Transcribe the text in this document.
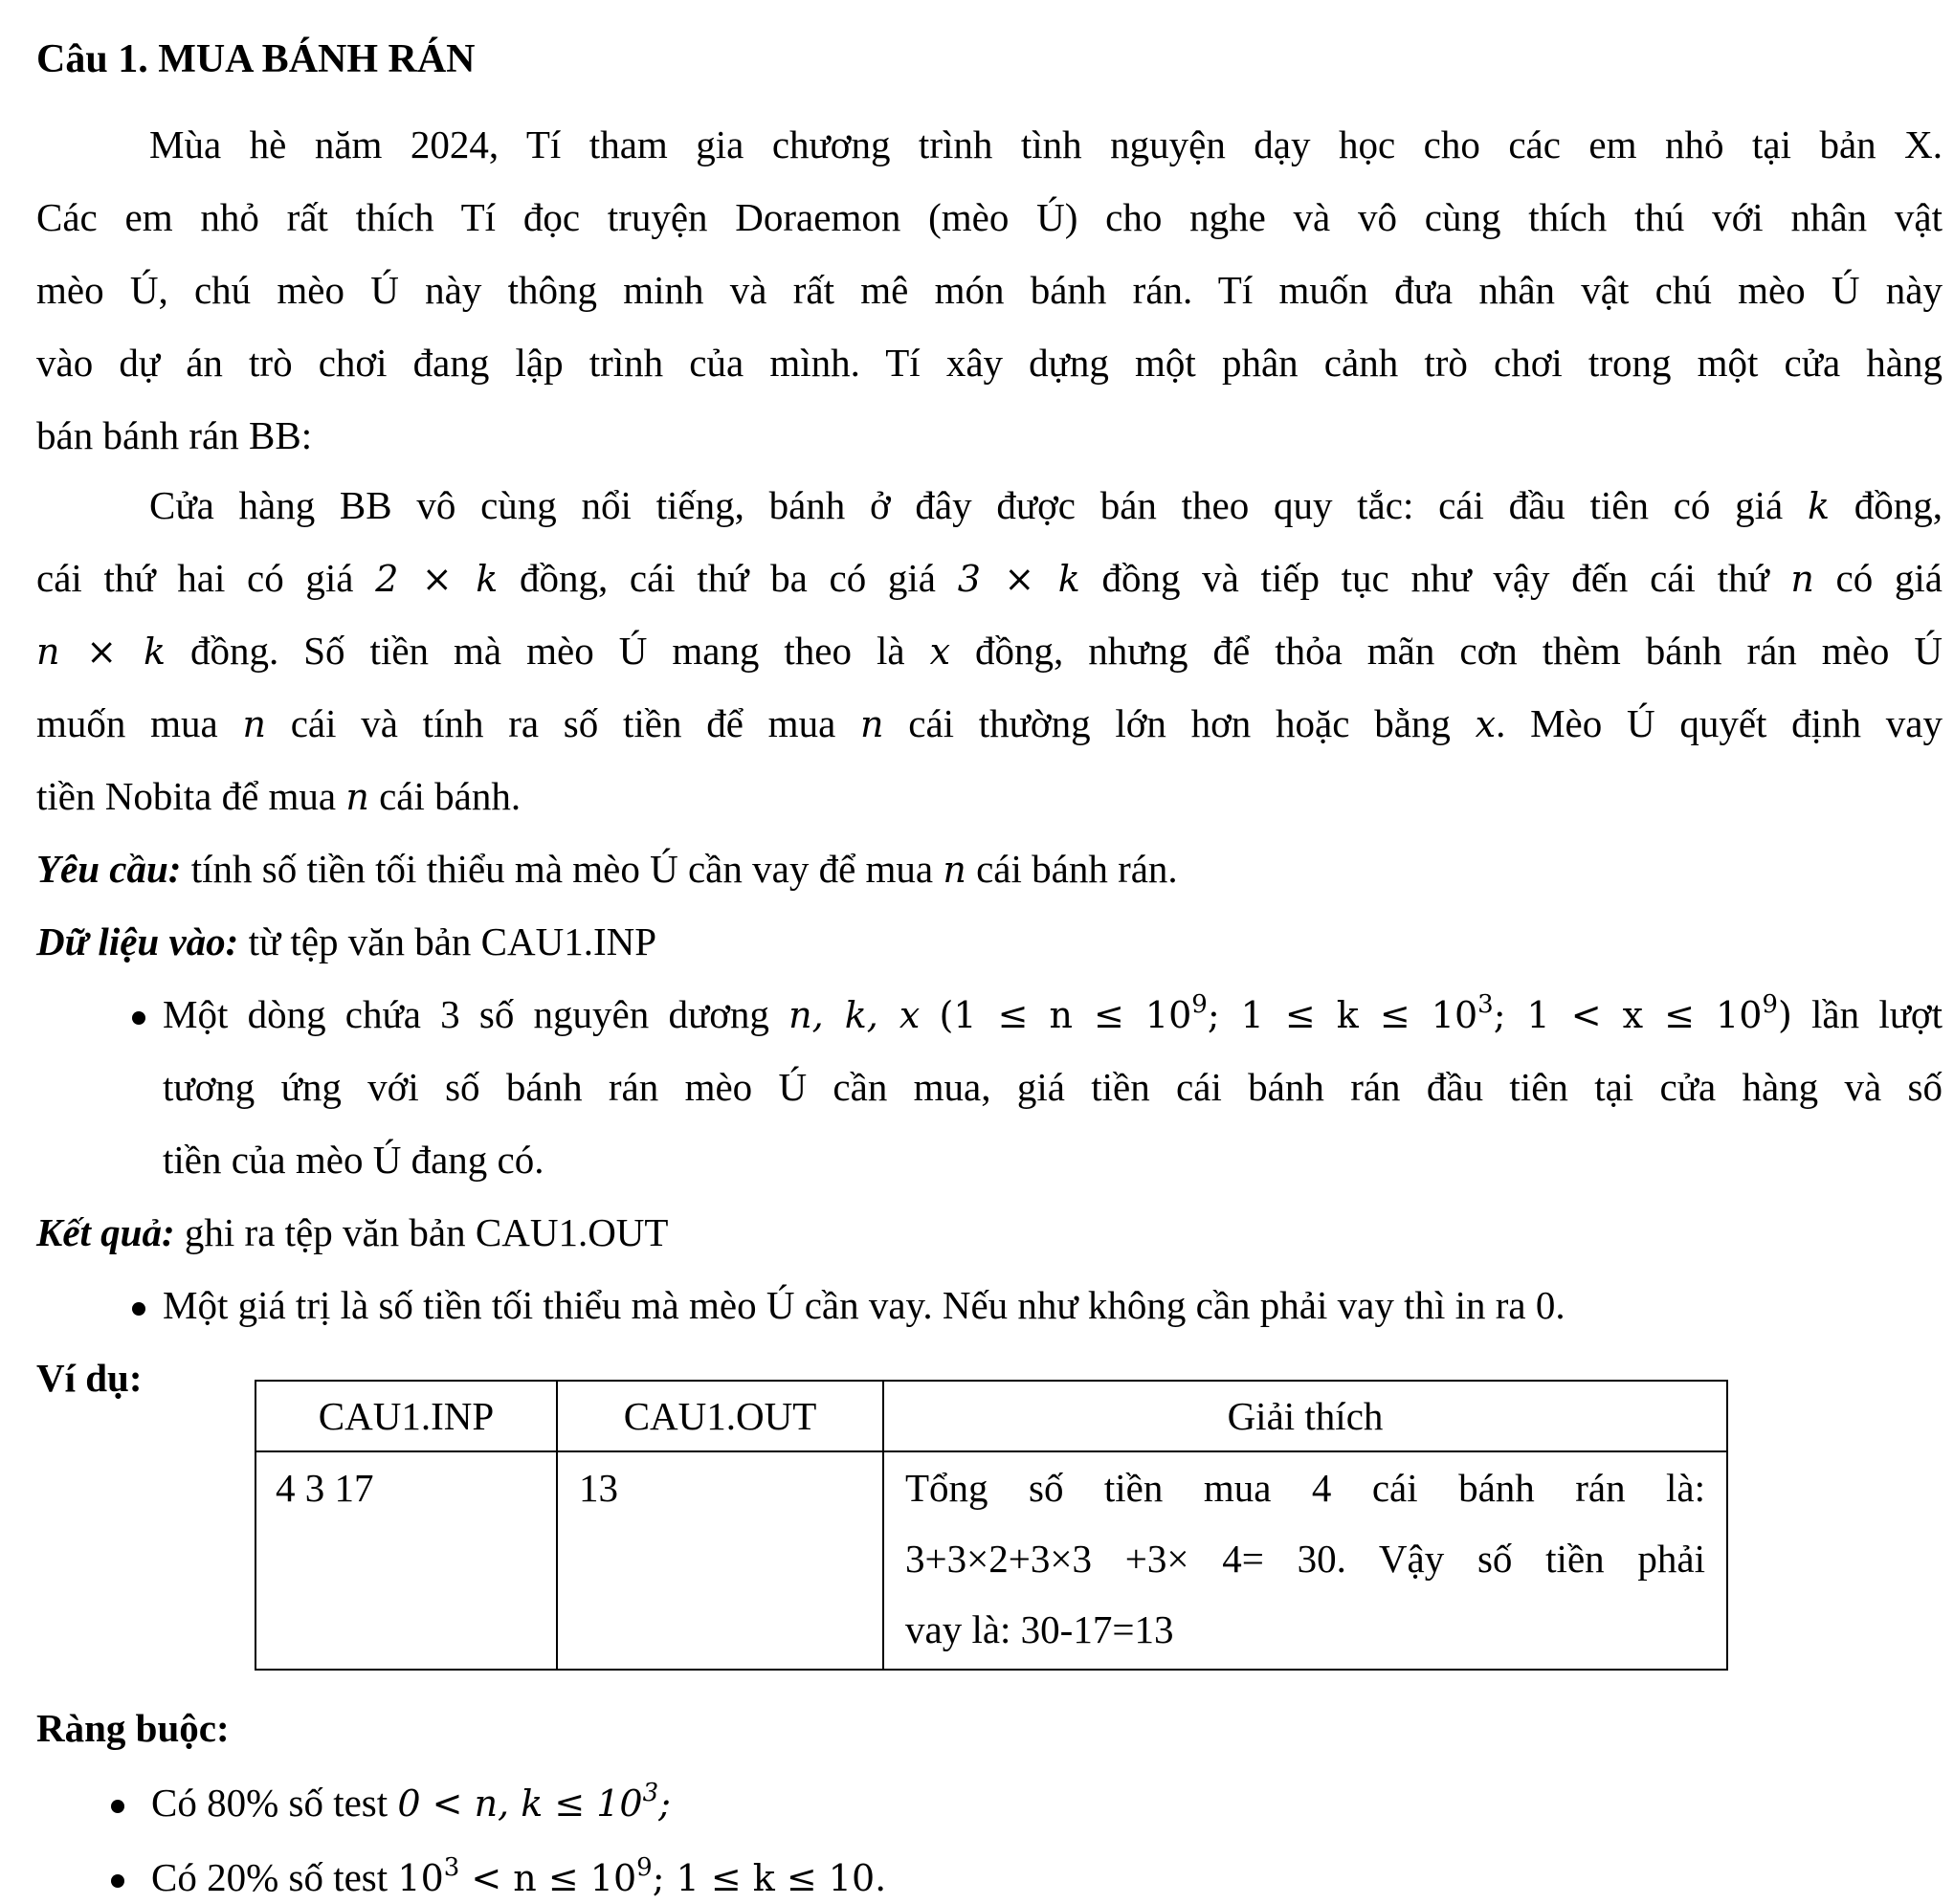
Câu 1. MUA BÁNH RÁN
Mùa hè năm 2024, Tí tham gia chương trình tình nguyện dạy học cho các em nhỏ tại bản X.
Các em nhỏ rất thích Tí đọc truyện Doraemon (mèo Ú) cho nghe và vô cùng thích thú với nhân vật
mèo Ú, chú mèo Ú này thông minh và rất mê món bánh rán. Tí muốn đưa nhân vật chú mèo Ú này
vào dự án trò chơi đang lập trình của mình. Tí xây dựng một phân cảnh trò chơi trong một cửa hàng
bán bánh rán BB:
Cửa hàng BB vô cùng nổi tiếng, bánh ở đây được bán theo quy tắc: cái đầu tiên có giá k đồng,
cái thứ hai có giá 2 × k đồng, cái thứ ba có giá 3 × k đồng và tiếp tục như vậy đến cái thứ n có giá
n × k đồng. Số tiền mà mèo Ú mang theo là x đồng, nhưng để thỏa mãn cơn thèm bánh rán mèo Ú
muốn mua n cái và tính ra số tiền để mua n cái thường lớn hơn hoặc bằng x. Mèo Ú quyết định vay
tiền Nobita để mua n cái bánh.
Yêu cầu: tính số tiền tối thiểu mà mèo Ú cần vay để mua n cái bánh rán.
Dữ liệu vào: từ tệp văn bản CAU1.INP
Một dòng chứa 3 số nguyên dương n, k, x ($1 \le n \le 10^9$; $1 \le k \le 10^3$; $1 < x \le 10^9$) lần lượt
tương ứng với số bánh rán mèo Ú cần mua, giá tiền cái bánh rán đầu tiên tại cửa hàng và số
tiền của mèo Ú đang có.
Kết quả: ghi ra tệp văn bản CAU1.OUT
Một giá trị là số tiền tối thiểu mà mèo Ú cần vay. Nếu như không cần phải vay thì in ra 0.
Ví dụ:
CAU1.INP	CAU1.OUT	Giải thích

4 3 17	13	Tổng số tiền mua 4 cái bánh rán là:
3+3×2+3×3 +3× 4= 30. Vậy số tiền phải
vay là: 30-17=13
Ràng buộc:
Có 80% số test 0 < n, $k \le 10^3$;
Có 20% số test $10^3 < n \le 10^9$; 1 ≤ k ≤ 10.
